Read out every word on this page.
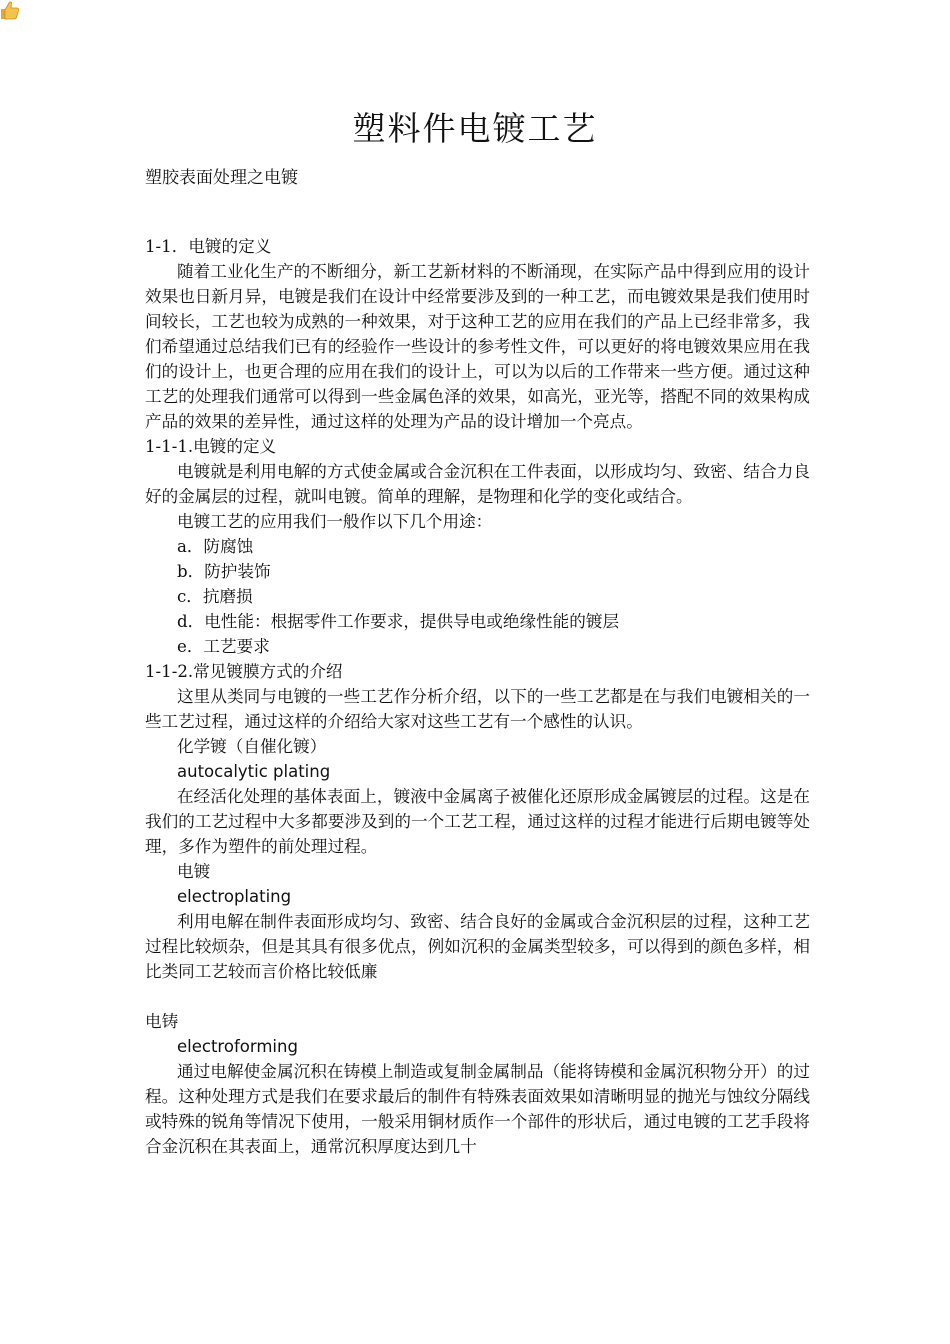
塑料件电镀工艺

塑胶表面处理之电镀

1-1．电镀的定义

随着工业化生产的不断细分，新工艺新材料的不断涌现，在实际产品中得到应用的设计效果也日新月异，电镀是我们在设计中经常要涉及到的一种工艺，而电镀效果是我们使用时间较长，工艺也较为成熟的一种效果，对于这种工艺的应用在我们的产品上已经非常多，我们希望通过总结我们已有的经验作一些设计的参考性文件，可以更好的将电镀效果应用在我们的设计上，也更合理的应用在我们的设计上，可以为以后的工作带来一些方便。通过这种工艺的处理我们通常可以得到一些金属色泽的效果，如高光，亚光等，搭配不同的效果构成产品的效果的差异性，通过这样的处理为产品的设计增加一个亮点。

1-1-1.电镀的定义

电镀就是利用电解的方式使金属或合金沉积在工件表面，以形成均匀、致密、结合力良好的金属层的过程，就叫电镀。简单的理解，是物理和化学的变化或结合。

电镀工艺的应用我们一般作以下几个用途：

a．防腐蚀

b．防护装饰

c．抗磨损

d．电性能：根据零件工作要求，提供导电或绝缘性能的镀层

e．工艺要求

1-1-2.常见镀膜方式的介绍

这里从类同与电镀的一些工艺作分析介绍，以下的一些工艺都是在与我们电镀相关的一些工艺过程，通过这样的介绍给大家对这些工艺有一个感性的认识。

化学镀（自催化镀）

autocalytic plating

在经活化处理的基体表面上，镀液中金属离子被催化还原形成金属镀层的过程。这是在我们的工艺过程中大多都要涉及到的一个工艺工程，通过这样的过程才能进行后期电镀等处理，多作为塑件的前处理过程。

电镀

electroplating

利用电解在制件表面形成均匀、致密、结合良好的金属或合金沉积层的过程，这种工艺过程比较烦杂，但是其具有很多优点，例如沉积的金属类型较多，可以得到的颜色多样，相比类同工艺较而言价格比较低廉

电铸

electroforming

通过电解使金属沉积在铸模上制造或复制金属制品（能将铸模和金属沉积物分开）的过程。这种处理方式是我们在要求最后的制件有特殊表面效果如清晰明显的抛光与蚀纹分隔线或特殊的锐角等情况下使用，一般采用铜材质作一个部件的形状后，通过电镀的工艺手段将合金沉积在其表面上，通常沉积厚度达到几十
